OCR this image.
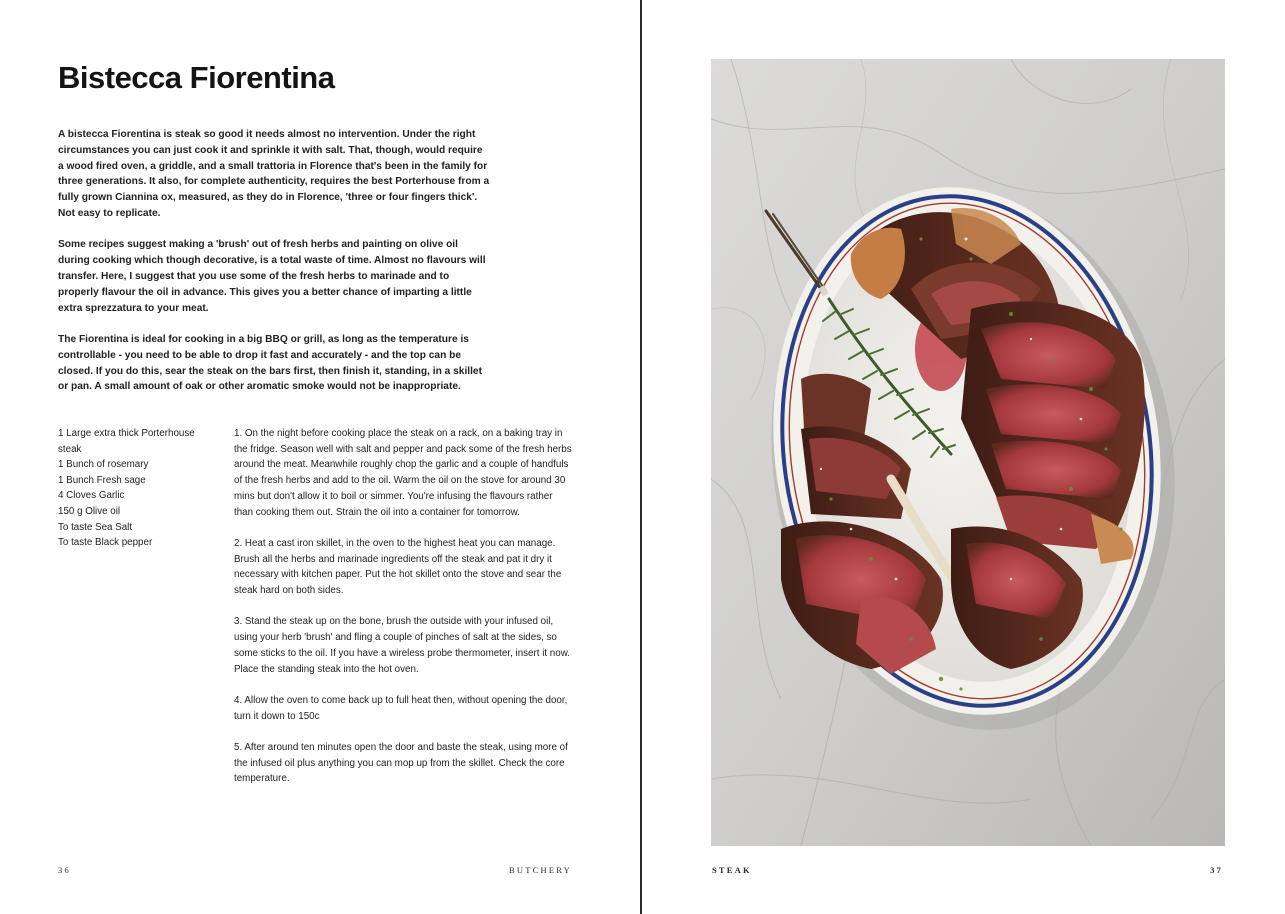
Bistecca Fiorentina

A bistecca Fiorentina is steak so good it needs almost no intervention. Under the right circumstances you can just cook it and sprinkle it with salt. That, though, would require a wood fired oven, a griddle, and a small trattoria in Florence that's been in the family for three generations. It also, for complete authenticity, requires the best Porterhouse from a fully grown Ciannina ox, measured, as they do in Florence, 'three or four fingers thick'. Not easy to replicate.

Some recipes suggest making a 'brush' out of fresh herbs and painting on olive oil during cooking which though decorative, is a total waste of time. Almost no flavours will transfer. Here, I suggest that you use some of the fresh herbs to marinade and to properly flavour the oil in advance. This gives you a better chance of imparting a little extra sprezzatura to your meat.

The Fiorentina is ideal for cooking in a big BBQ or grill, as long as the temperature is controllable - you need to be able to drop it fast and accurately - and the top can be closed. If you do this, sear the steak on the bars first, then finish it, standing, in a skillet or pan. A small amount of oak or other aromatic smoke would not be inappropriate.

1 Large extra thick Porterhouse steak
1 Bunch of rosemary
1 Bunch Fresh sage
4 Cloves Garlic
150 g Olive oil
To taste Sea Salt
To taste Black pepper

1. On the night before cooking place the steak on a rack, on a baking tray in the fridge. Season well with salt and pepper and pack some of the fresh herbs around the meat. Meanwhile roughly chop the garlic and a couple of handfuls of the fresh herbs and add to the oil. Warm the oil on the stove for around 30 mins but don't allow it to boil or simmer. You're infusing the flavours rather than cooking them out. Strain the oil into a container for tomorrow.

2. Heat a cast iron skillet, in the oven to the highest heat you can manage. Brush all the herbs and marinade ingredients off the steak and pat it dry it necessary with kitchen paper. Put the hot skillet onto the stove and sear the steak hard on both sides.

3. Stand the steak up on the bone, brush the outside with your infused oil, using your herb 'brush' and fling a couple of pinches of salt at the sides, so some sticks to the oil. If you have a wireless probe thermometer, insert it now. Place the standing steak into the hot oven.

4. Allow the oven to come back up to full heat then, without opening the door, turn it down to 150c

5. After around ten minutes open the door and baste the steak, using more of the infused oil plus anything you can mop up from the skillet. Check the core temperature.

36	BUTCHERY	STEAK	37
